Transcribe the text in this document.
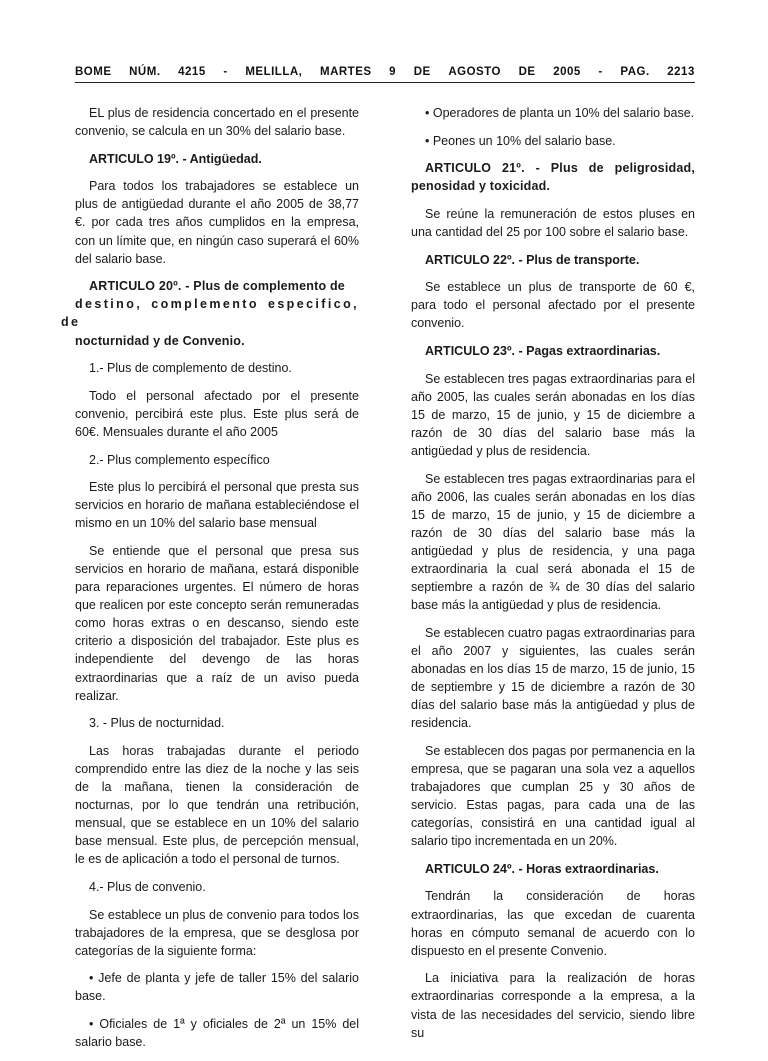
BOME NÚM. 4215 - MELILLA, MARTES 9 DE AGOSTO DE 2005 - PAG. 2213

EL plus de residencia concertado en el presente convenio, se calcula en un 30% del salario base.

ARTICULO 19º. - Antigüedad.

Para todos los trabajadores se establece un plus de antigüedad durante el año 2005 de 38,77 €. por cada tres años cumplidos en la empresa, con un límite que, en ningún caso superará el 60% del salario base.

ARTICULO 20º. - Plus de complemento de
destino, complemento especifico, de
nocturnidad y de Convenio.

1.- Plus de complemento de destino.

Todo el personal afectado por el presente convenio, percibirá este plus. Este plus será de 60€. Mensuales durante el año 2005

2.- Plus complemento específico

Este plus lo percibirá el personal que presta sus servicios en horario de mañana estableciéndose el mismo en un 10% del salario base mensual

Se entiende que el personal que presa sus servicios en horario de mañana, estará disponible para reparaciones urgentes. El número de horas que realicen por este concepto serán remuneradas como horas extras o en descanso, siendo este criterio a disposición del trabajador. Este plus es independiente del devengo de las horas extraordinarias que a raíz de un aviso pueda realizar.

3. - Plus de nocturnidad.

Las horas trabajadas durante el periodo comprendido entre las diez de la noche y las seis de la mañana, tienen la consideración de nocturnas, por lo que tendrán una retribución, mensual, que se establece en un 10% del salario base mensual. Este plus, de percepción mensual, le es de aplicación a todo el personal de turnos.

4.- Plus de convenio.

Se establece un plus de convenio para todos los trabajadores de la empresa, que se desglosa por categorías de la siguiente forma:

• Jefe de planta y jefe de taller 15% del salario base.

• Oficiales de 1ª y oficiales de 2ª un 15% del salario base.

• Operadores de planta un 10% del salario base.

• Peones un 10% del salario base.

ARTICULO 21º. - Plus de peligrosidad, penosidad y toxicidad.

Se reúne la remuneración de estos pluses en una cantidad del 25 por 100 sobre el salario base.

ARTICULO 22º. - Plus de transporte.

Se establece un plus de transporte de 60 €, para todo el personal afectado por el presente convenio.

ARTICULO 23º. - Pagas extraordinarias.

Se establecen tres pagas extraordinarias para el año 2005, las cuales serán abonadas en los días 15 de marzo, 15 de junio, y 15 de diciembre a razón de 30 días del salario base más la antigüedad y plus de residencia.

Se establecen tres pagas extraordinarias para el año 2006, las cuales serán abonadas en los días 15 de marzo, 15 de junio, y 15 de diciembre a razón de 30 días del salario base más la antigüedad y plus de residencia, y una paga extraordinaria la cual será abonada el 15 de septiembre a razón de ¾ de 30 días del salario base más la antigüedad y plus de residencia.

Se establecen cuatro pagas extraordinarias para el año 2007 y siguientes, las cuales serán abonadas en los días 15 de marzo, 15 de junio, 15 de septiembre y 15 de diciembre a razón de 30 días del salario base más la antigüedad y plus de residencia.

Se establecen dos pagas por permanencia en la empresa, que se pagaran una sola vez a aquellos trabajadores que cumplan 25 y 30 años de servicio. Estas pagas, para cada una de las categorías, consistirá en una cantidad igual al salario tipo incrementada en un 20%.

ARTICULO 24º. - Horas extraordinarias.

Tendrán la consideración de horas extraordinarias, las que excedan de cuarenta horas en cómputo semanal de acuerdo con lo dispuesto en el presente Convenio.

La iniciativa para la realización de horas extraordinarias corresponde a la empresa, a la vista de las necesidades del servicio, siendo libre su
